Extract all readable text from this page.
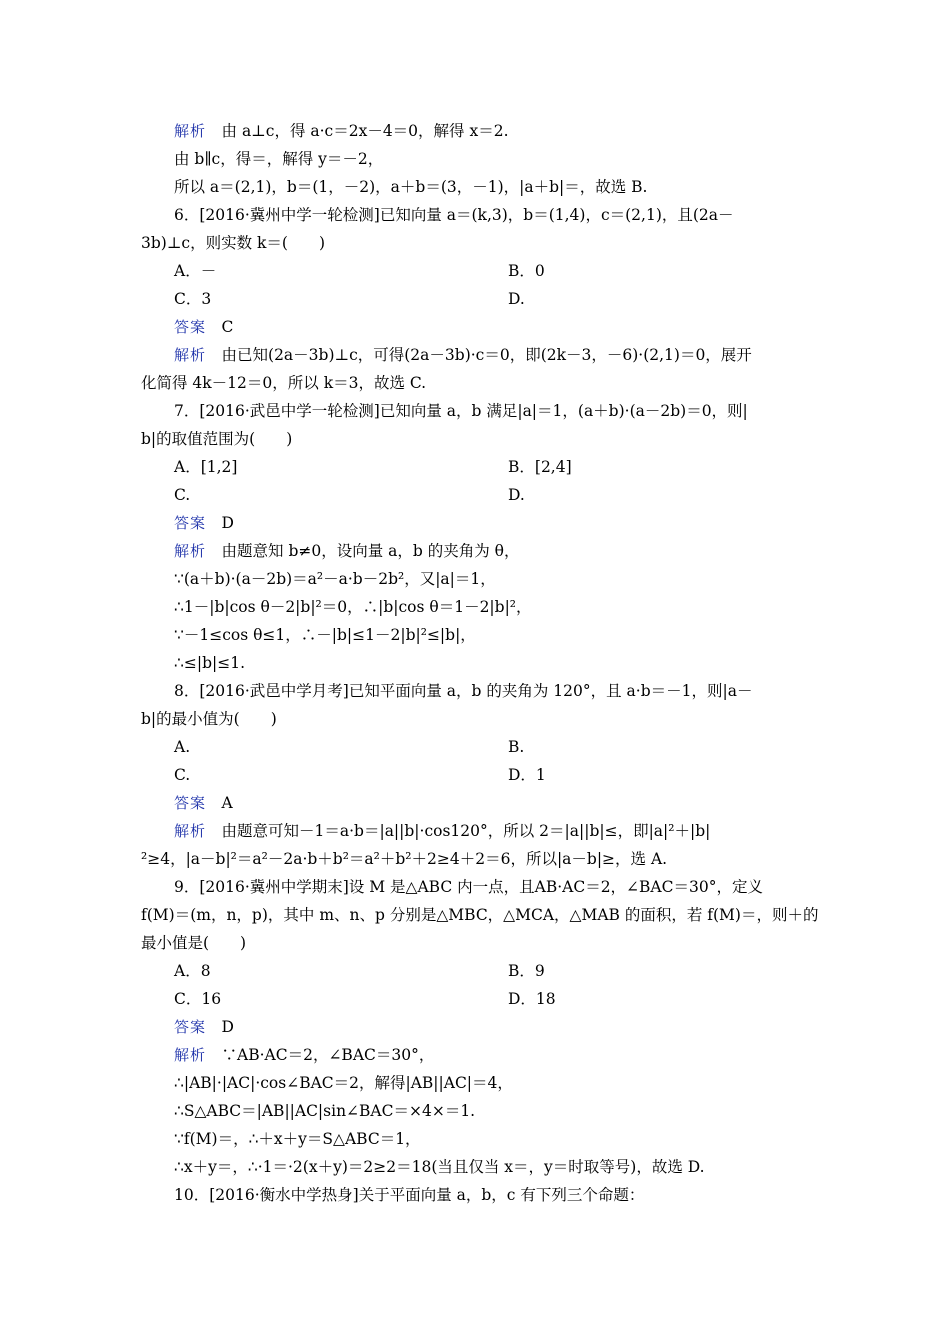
解析　由 a⊥c，得 a·c＝2x－4＝0，解得 x＝2.
由 b∥c，得＝，解得 y＝－2，
所以 a＝(2,1)，b＝(1，－2)，a＋b＝(3，－1)，|a＋b|＝，故选 B.
6．[2016·冀州中学一轮检测]已知向量 a＝(k,3)，b＝(1,4)，c＝(2,1)，且(2a－
3b)⊥c，则实数 k＝(　　)
A．－	B．0
C．3	D.
答案　C
解析　由已知(2a－3b)⊥c，可得(2a－3b)·c＝0，即(2k－3，－6)·(2,1)＝0，展开
化简得 4k－12＝0，所以 k＝3，故选 C.
7．[2016·武邑中学一轮检测]已知向量 a，b 满足|a|＝1，(a＋b)·(a－2b)＝0，则|
b|的取值范围为(　　)
A．[1,2]	B．[2,4]
C.	D.
答案　D
解析　由题意知 b≠0，设向量 a，b 的夹角为 θ，
∵(a＋b)·(a－2b)＝a²－a·b－2b²，又|a|＝1，
∴1－|b|cos θ－2|b|²＝0，∴|b|cos θ＝1－2|b|²，
∵－1≤cos θ≤1，∴－|b|≤1－2|b|²≤|b|，
∴≤|b|≤1.
8．[2016·武邑中学月考]已知平面向量 a，b 的夹角为 120°，且 a·b＝－1，则|a－
b|的最小值为(　　)
A.	B.
C.	D．1
答案　A
解析　由题意可知－1＝a·b＝|a||b|·cos120°，所以 2＝|a||b|≤，即|a|²＋|b|
²≥4，|a－b|²＝a²－2a·b＋b²＝a²＋b²＋2≥4＋2＝6，所以|a－b|≥，选 A.
9．[2016·冀州中学期末]设 M 是△ABC 内一点，且AB·AC＝2，∠BAC＝30°，定义
f(M)＝(m，n，p)，其中 m、n、p 分别是△MBC，△MCA，△MAB 的面积，若 f(M)＝，则＋的
最小值是(　　)
A．8	B．9
C．16	D．18
答案　D
解析　∵AB·AC＝2，∠BAC＝30°，
∴|AB|·|AC|·cos∠BAC＝2，解得|AB||AC|＝4，
∴S△ABC＝|AB||AC|sin∠BAC＝×4×＝1.
∵f(M)＝，∴＋x＋y＝S△ABC＝1，
∴x＋y＝，∴·1＝·2(x＋y)＝2≥2＝18(当且仅当 x＝，y＝时取等号)，故选 D.
10．[2016·衡水中学热身]关于平面向量 a，b，c 有下列三个命题：
